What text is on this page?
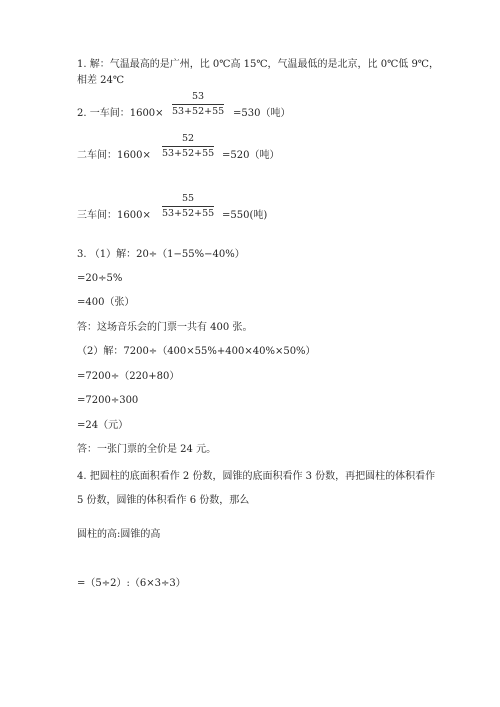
1. 解：气温最高的是广州，比 0℃高 15℃，气温最低的是北京，比 0℃低 9℃，
相差 24℃
2. 一车间：1600×
53
53+52+55 =530（吨）
二车间：1600×
52
53+52+55 =520（吨）
三车间：1600×
55
53+52+55 =550(吨)
3. （1）解：20÷（1−55%−40%）
=20÷5%
=400（张）
答：这场音乐会的门票一共有 400 张。
（2）解：7200÷（400×55%+400×40%×50%）
=7200÷（220+80）
=7200÷300
=24（元）
答：一张门票的全价是 24 元。
4. 把圆柱的底面积看作 2 份数，圆锥的底面积看作 3 份数，再把圆柱的体积看作
5 份数，圆锥的体积看作 6 份数，那么
圆柱的高:圆锥的高
=（5÷2）:（6×3÷3）
